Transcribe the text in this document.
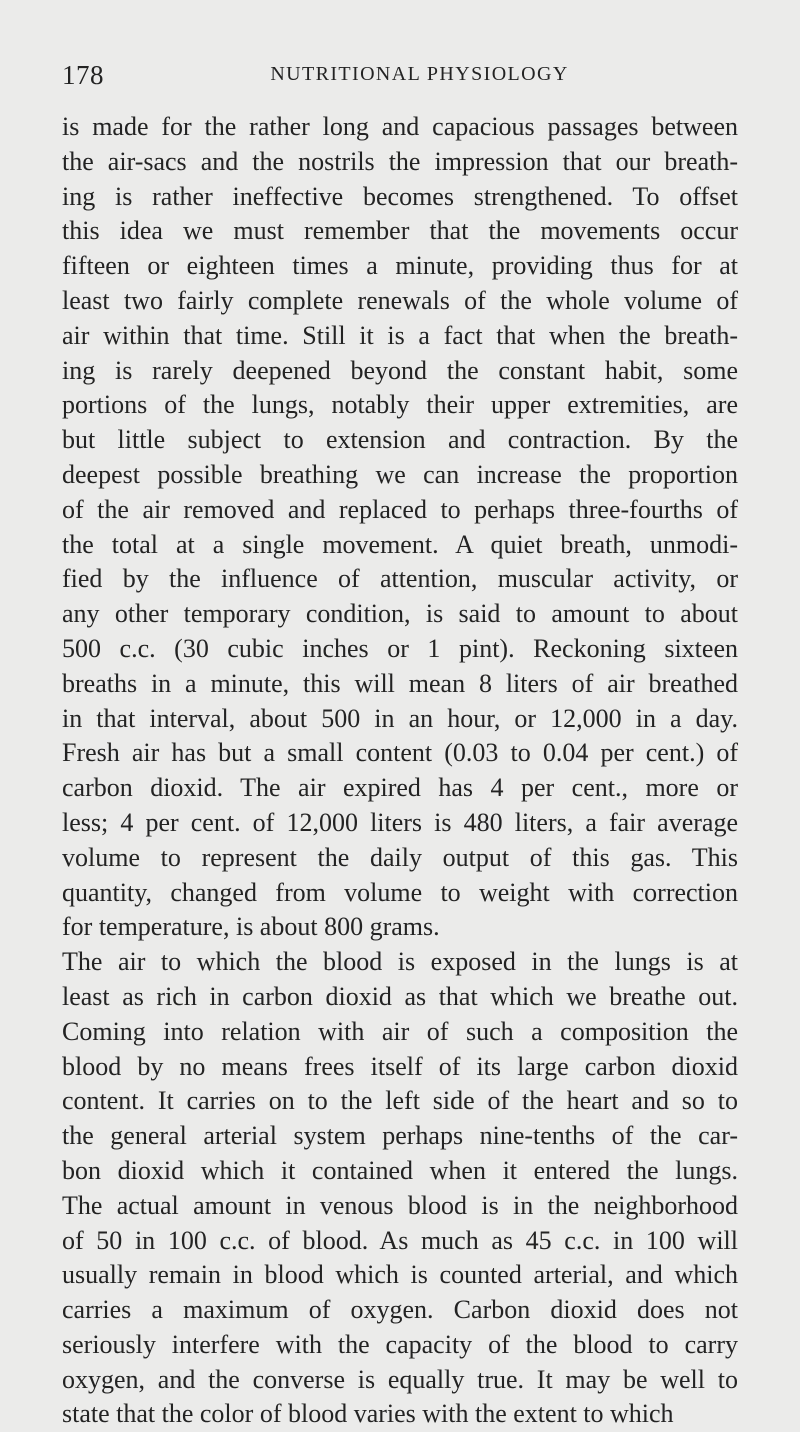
178	NUTRITIONAL PHYSIOLOGY
is made for the rather long and capacious passages between
the air-sacs and the nostrils the impression that our breath-
ing is rather ineffective becomes strengthened. To offset
this idea we must remember that the movements occur
fifteen or eighteen times a minute, providing thus for at
least two fairly complete renewals of the whole volume of
air within that time. Still it is a fact that when the breath-
ing is rarely deepened beyond the constant habit, some
portions of the lungs, notably their upper extremities, are
but little subject to extension and contraction. By the
deepest possible breathing we can increase the proportion
of the air removed and replaced to perhaps three-fourths of
the total at a single movement. A quiet breath, unmodi-
fied by the influence of attention, muscular activity, or
any other temporary condition, is said to amount to about
500 c.c. (30 cubic inches or 1 pint). Reckoning sixteen
breaths in a minute, this will mean 8 liters of air breathed
in that interval, about 500 in an hour, or 12,000 in a day.
Fresh air has but a small content (0.03 to 0.04 per cent.) of
carbon dioxid. The air expired has 4 per cent., more or
less; 4 per cent. of 12,000 liters is 480 liters, a fair average
volume to represent the daily output of this gas. This
quantity, changed from volume to weight with correction
for temperature, is about 800 grams.
The air to which the blood is exposed in the lungs is at
least as rich in carbon dioxid as that which we breathe out.
Coming into relation with air of such a composition the
blood by no means frees itself of its large carbon dioxid
content. It carries on to the left side of the heart and so to
the general arterial system perhaps nine-tenths of the car-
bon dioxid which it contained when it entered the lungs.
The actual amount in venous blood is in the neighborhood
of 50 in 100 c.c. of blood. As much as 45 c.c. in 100 will
usually remain in blood which is counted arterial, and which
carries a maximum of oxygen. Carbon dioxid does not
seriously interfere with the capacity of the blood to carry
oxygen, and the converse is equally true. It may be well to
state that the color of blood varies with the extent to which
